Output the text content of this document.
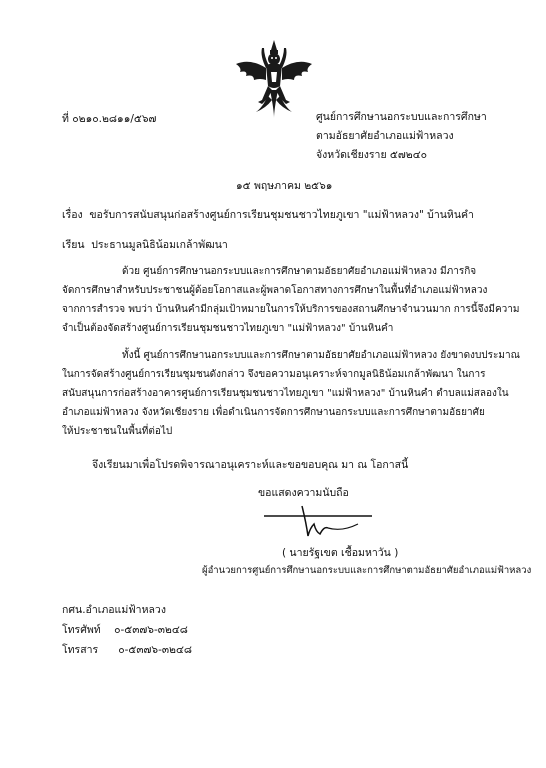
ที่ ๐๒๑๐.๒๘๑๑/๕๖๗	ศูนย์การศึกษานอกระบบและการศึกษา
ตามอัธยาศัยอำเภอแม่ฟ้าหลวง
จังหวัดเชียงราย ๕๗๒๔๐
๑๕ พฤษภาคม ๒๕๖๑
เรื่อง ขอรับการสนับสนุนก่อสร้างศูนย์การเรียนชุมชนชาวไทยภูเขา "แม่ฟ้าหลวง" บ้านหินคำ
เรียน ประธานมูลนิธิน้อมเกล้าพัฒนา
ด้วย ศูนย์การศึกษานอกระบบและการศึกษาตามอัธยาศัยอำเภอแม่ฟ้าหลวง มีภารกิจ
จัดการศึกษาสำหรับประชาชนผู้ด้อยโอกาสและผู้พลาดโอกาสทางการศึกษาในพื้นที่อำเภอแม่ฟ้าหลวง
จากการสำรวจ พบว่า บ้านหินคำมีกลุ่มเป้าหมายในการให้บริการของสถานศึกษาจำนวนมาก การนี้จึงมีความ
จำเป็นต้องจัดสร้างศูนย์การเรียนชุมชนชาวไทยภูเขา "แม่ฟ้าหลวง" บ้านหินคำ
ทั้งนี้ ศูนย์การศึกษานอกระบบและการศึกษาตามอัธยาศัยอำเภอแม่ฟ้าหลวง ยังขาดงบประมาณ
ในการจัดสร้างศูนย์การเรียนชุมชนดังกล่าว จึงขอความอนุเคราะห์จากมูลนิธิน้อมเกล้าพัฒนา ในการ
สนับสนุนการก่อสร้างอาคารศูนย์การเรียนชุมชนชาวไทยภูเขา "แม่ฟ้าหลวง" บ้านหินคำ ตำบลแม่สลองใน
อำเภอแม่ฟ้าหลวง จังหวัดเชียงราย เพื่อดำเนินการจัดการศึกษานอกระบบและการศึกษาตามอัธยาศัย
ให้ประชาชนในพื้นที่ต่อไป
จึงเรียนมาเพื่อโปรดพิจารณาอนุเคราะห์และขอขอบคุณ มา ณ โอกาสนี้
ขอแสดงความนับถือ
( นายรัฐเขต เชื้อมหาวัน )
ผู้อำนวยการศูนย์การศึกษานอกระบบและการศึกษาตามอัธยาศัยอำเภอแม่ฟ้าหลวง
กศน.อำเภอแม่ฟ้าหลวง
โทรศัพท์ ๐-๕๓๗๖-๓๒๔๘
โทรสาร ๐-๕๓๗๖-๓๒๔๘
